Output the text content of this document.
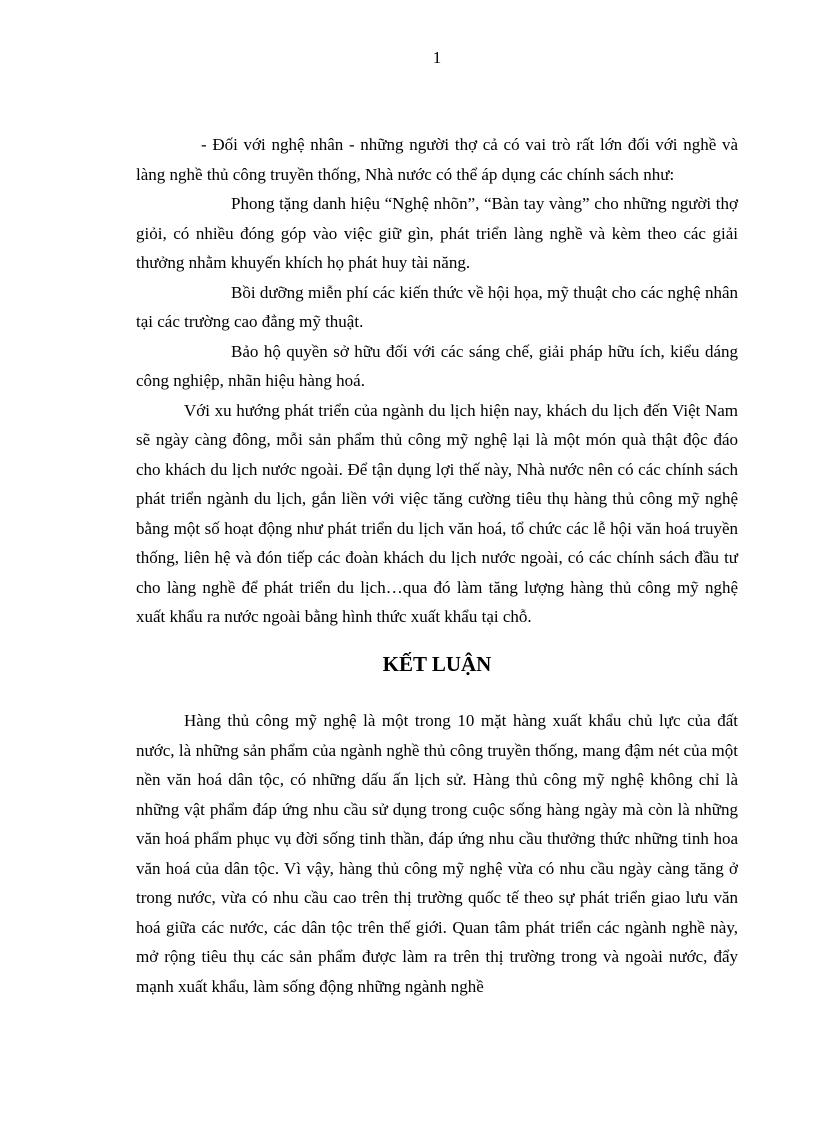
1

- Đối với nghệ nhân - những người thợ cả có vai trò rất lớn đối với nghề và làng nghề thủ công truyền thống, Nhà nước có thể áp dụng các chính sách như:

Phong tặng danh hiệu “Nghệ nhõn”, “Bàn tay vàng” cho những người thợ giỏi, có nhiều đóng góp vào việc giữ gìn, phát triển làng nghề và kèm theo các giải thưởng nhằm khuyến khích họ phát huy tài năng.

Bồi dưỡng miễn phí các kiến thức về hội họa, mỹ thuật cho các nghệ nhân tại các trường cao đẳng mỹ thuật.

Bảo hộ quyền sở hữu đối với các sáng chế, giải pháp hữu ích, kiểu dáng công nghiệp, nhãn hiệu hàng hoá.

Với xu hướng phát triển của ngành du lịch hiện nay, khách du lịch đến Việt Nam sẽ ngày càng đông, mỗi sản phẩm thủ công mỹ nghệ lại là một món quà thật độc đáo cho khách du lịch nước ngoài. Để tận dụng lợi thế này, Nhà nước nên có các chính sách phát triển ngành du lịch, gắn liền với việc tăng cường tiêu thụ hàng thủ công mỹ nghệ bằng một số hoạt động như phát triển du lịch văn hoá, tổ chức các lễ hội văn hoá truyền thống, liên hệ và đón tiếp các đoàn khách du lịch nước ngoài, có các chính sách đầu tư cho làng nghề để phát triển du lịch…qua đó làm tăng lượng hàng thủ công mỹ nghệ xuất khẩu ra nước ngoài bằng hình thức xuất khẩu tại chỗ.

KẾT LUẬN

Hàng thủ công mỹ nghệ là một trong 10 mặt hàng xuất khẩu chủ lực của đất nước, là những sản phẩm của ngành nghề thủ công truyền thống, mang đậm nét của một nền văn hoá dân tộc, có những dấu ấn lịch sử. Hàng thủ công mỹ nghệ không chỉ là những vật phẩm đáp ứng nhu cầu sử dụng trong cuộc sống hàng ngày mà còn là những văn hoá phẩm phục vụ đời sống tinh thần, đáp ứng nhu cầu thưởng thức những tinh hoa văn hoá của dân tộc. Vì vậy, hàng thủ công mỹ nghệ vừa có nhu cầu ngày càng tăng ở trong nước, vừa có nhu cầu cao trên thị trường quốc tế theo sự phát triển giao lưu văn hoá giữa các nước, các dân tộc trên thế giới. Quan tâm phát triển các ngành nghề này, mở rộng tiêu thụ các sản phẩm được làm ra trên thị trường trong và ngoài nước, đẩy mạnh xuất khẩu, làm sống động những ngành nghề
